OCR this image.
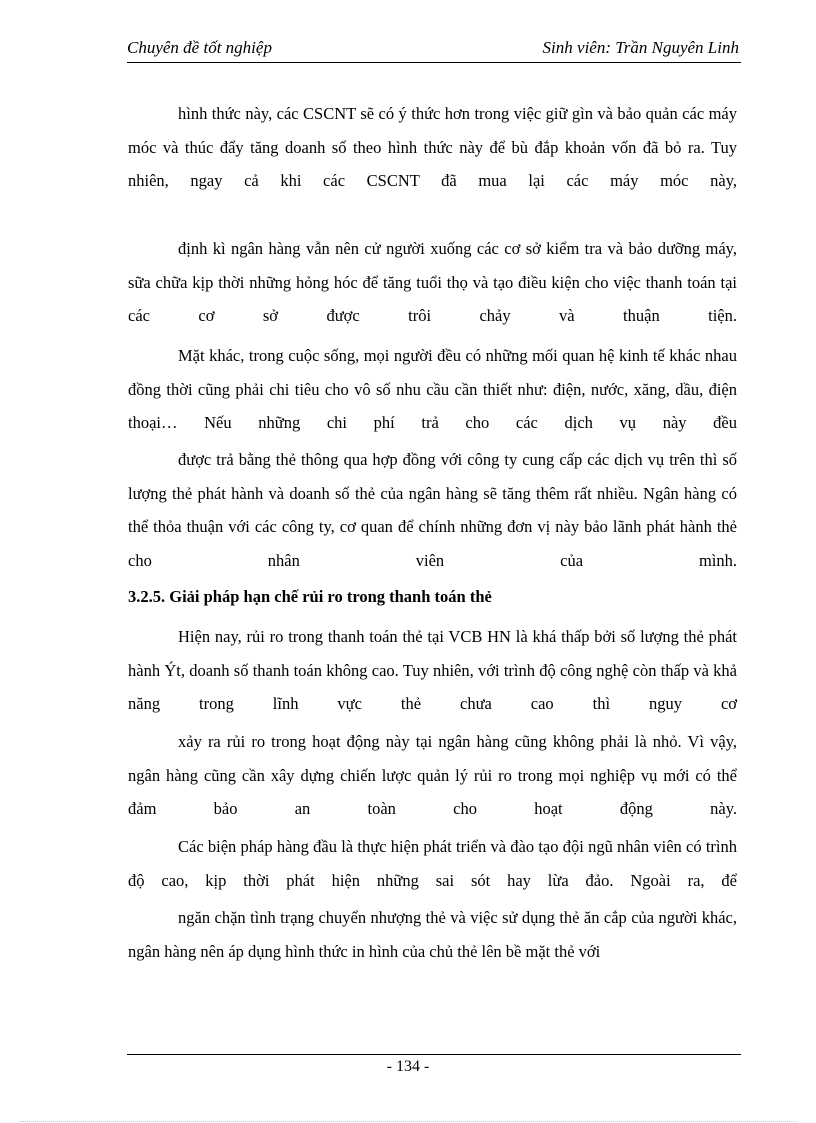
Chuyên đề tốt nghiệp	Sinh viên: Trần Nguyên Linh

hình thức này, các CSCNT sẽ có ý thức hơn trong việc giữ gìn và bảo quản các máy móc và thúc đẩy tăng doanh số theo hình thức này để bù đắp khoản vốn đã bỏ ra. Tuy nhiên, ngay cả khi các CSCNT đã mua lại các máy móc này,

định kì ngân hàng vẫn nên cử người xuống các cơ sở kiểm tra và bảo dưỡng máy, sữa chữa kịp thời những hỏng hóc để tăng tuổi thọ và tạo điều kiện cho việc thanh toán tại các cơ sở được trôi chảy và thuận tiện.

Mặt khác, trong cuộc sống, mọi người đều có những mối quan hệ kinh tế khác nhau đồng thời cũng phải chi tiêu cho vô số nhu cầu cần thiết như: điện, nước, xăng, dầu, điện thoại… Nếu những chi phí trả cho các dịch vụ này đều

được trả bằng thẻ thông qua hợp đồng với công ty cung cấp các dịch vụ trên thì số lượng thẻ phát hành và doanh số thẻ của ngân hàng sẽ tăng thêm rất nhiều. Ngân hàng có thể thỏa thuận với các công ty, cơ quan để chính những đơn vị này bảo lãnh phát hành thẻ cho nhân viên của mình.

3.2.5. Giải pháp hạn chế rủi ro trong thanh toán thẻ

Hiện nay, rủi ro trong thanh toán thẻ tại VCB HN là khá thấp bởi số lượng thẻ phát hành Ýt, doanh số thanh toán không cao. Tuy nhiên, với trình độ công nghệ còn thấp và khả năng trong lĩnh vực thẻ chưa cao thì nguy cơ

xảy ra rủi ro trong hoạt động này tại ngân hàng cũng không phải là nhỏ. Vì vậy, ngân hàng cũng cần xây dựng chiến lược quản lý rủi ro trong mọi nghiệp vụ mới có thể đảm bảo an toàn cho hoạt động này.

Các biện pháp hàng đầu là thực hiện phát triển và đào tạo đội ngũ nhân viên có trình độ cao, kịp thời phát hiện những sai sót hay lừa đảo. Ngoài ra, để

ngăn chặn tình trạng chuyển nhượng thẻ và việc sử dụng thẻ ăn cắp của người khác, ngân hàng nên áp dụng hình thức in hình của chủ thẻ lên bề mặt thẻ với

- 134 -
